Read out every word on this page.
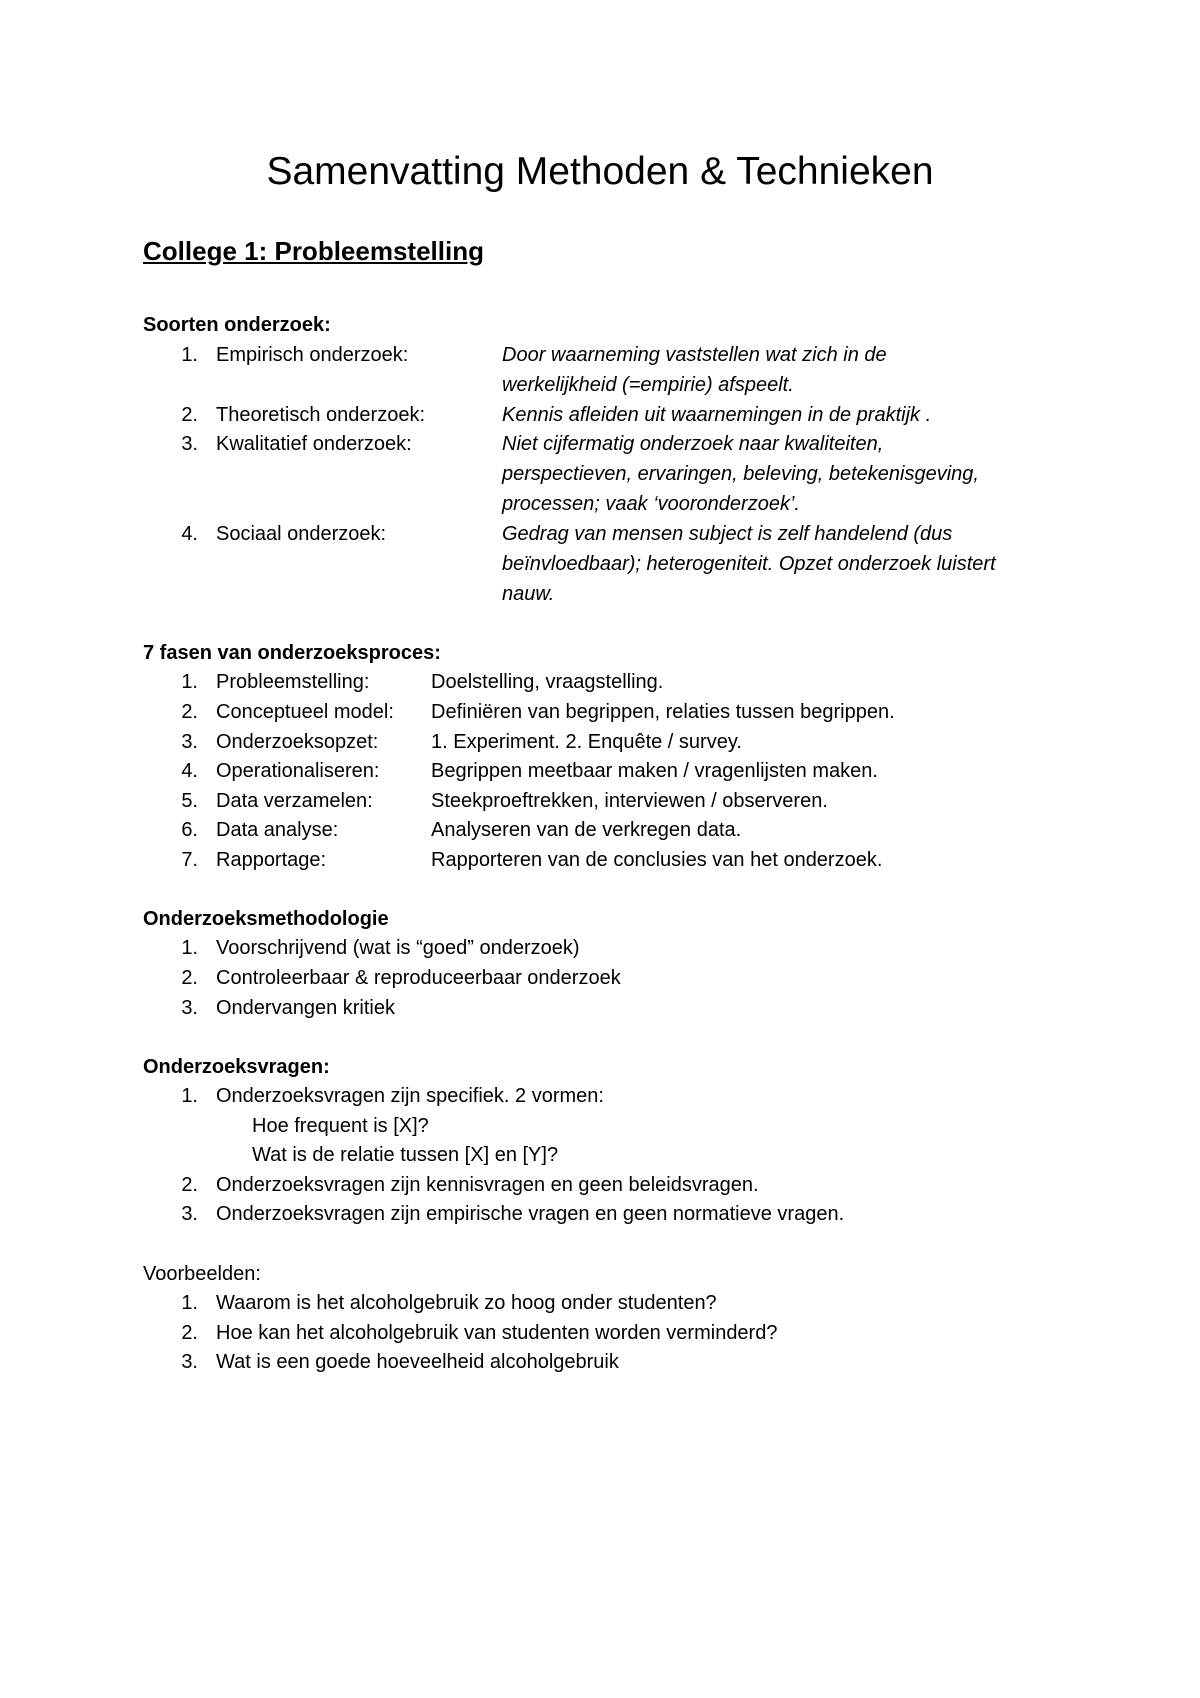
Samenvatting Methoden & Technieken
College 1: Probleemstelling
Soorten onderzoek:
1. Empirisch onderzoek:	Door waarneming vaststellen wat zich in de
werkelijkheid (=empirie) afspeelt.
2. Theoretisch onderzoek:	Kennis afleiden uit waarnemingen in de praktijk .
3. Kwalitatief onderzoek:	Niet cijfermatig onderzoek naar kwaliteiten,
perspectieven, ervaringen, beleving, betekenisgeving,
processen; vaak ‘vooronderzoek’.
4. Sociaal onderzoek:	Gedrag van mensen subject is zelf handelend (dus
beïnvloedbaar); heterogeniteit. Opzet onderzoek luistert
nauw.
7 fasen van onderzoeksproces:
1. Probleemstelling:	Doelstelling, vraagstelling.
2. Conceptueel model: Definiëren van begrippen, relaties tussen begrippen.
3. Onderzoeksopzet:	1. Experiment. 2. Enquête / survey.
4. Operationaliseren:	Begrippen meetbaar maken / vragenlijsten maken.
5. Data verzamelen:	Steekproeftrekken, interviewen / observeren.
6. Data analyse:	Analyseren van de verkregen data.
7. Rapportage:	Rapporteren van de conclusies van het onderzoek.
Onderzoeksmethodologie
1. Voorschrijvend (wat is “goed” onderzoek)
2. Controleerbaar & reproduceerbaar onderzoek
3. Ondervangen kritiek
Onderzoeksvragen:
1. Onderzoeksvragen zijn specifiek. 2 vormen:
Hoe frequent is [X]?
Wat is de relatie tussen [X] en [Y]?
2. Onderzoeksvragen zijn kennisvragen en geen beleidsvragen.
3. Onderzoeksvragen zijn empirische vragen en geen normatieve vragen.
Voorbeelden:
1. Waarom is het alcoholgebruik zo hoog onder studenten?
2. Hoe kan het alcoholgebruik van studenten worden verminderd?
3. Wat is een goede hoeveelheid alcoholgebruik
